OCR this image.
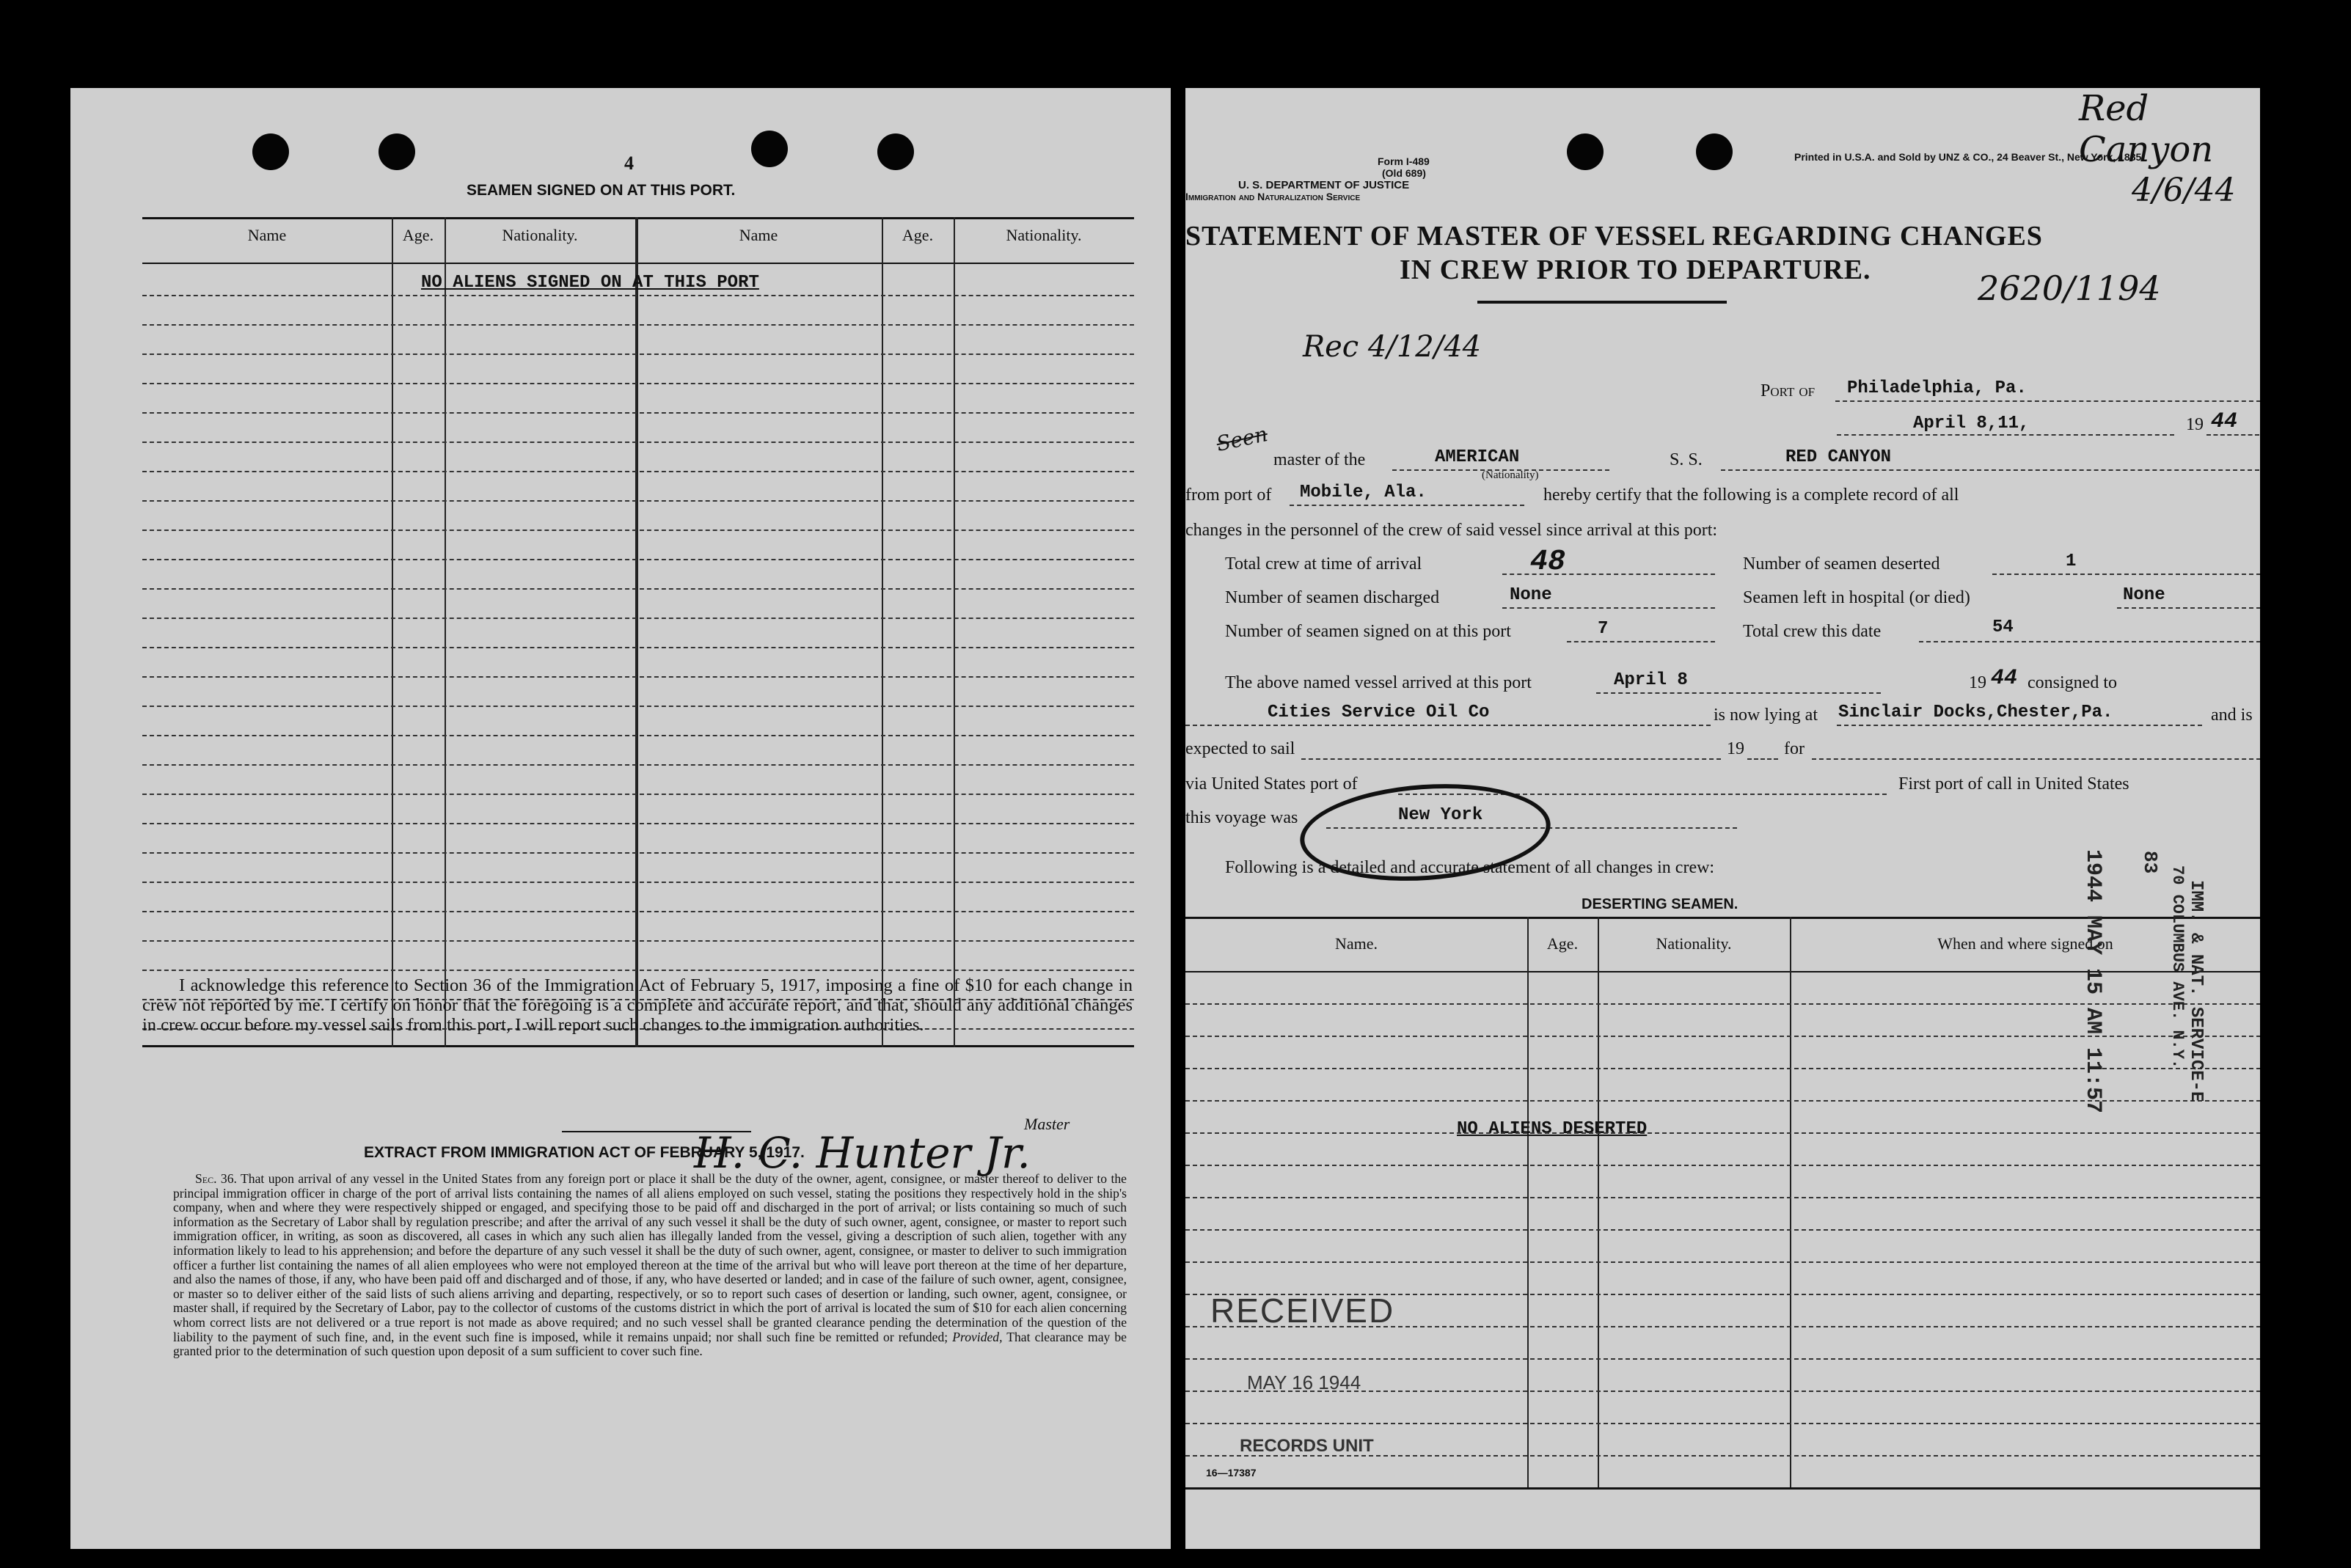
4
SEAMEN SIGNED ON AT THIS PORT.
Name	Age.	Nationality.	Name	Age.	Nationality.
NO ALIENS SIGNED ON AT THIS PORT

I acknowledge this reference to Section 36 of the Immigration Act of February 5, 1917, imposing a fine of $10 for each change in crew not reported by me. I certify on honor that the foregoing is a complete and accurate report, and that, should any additional changes in crew occur before my vessel sails from this port, I will report such changes to the immigration authorities.

H. C. Hunter Jr.
Master
EXTRACT FROM IMMIGRATION ACT OF FEBRUARY 5, 1917.

Sec. 36. That upon arrival of any vessel in the United States from any foreign port or place it shall be the duty of the owner, agent, consignee, or master thereof to deliver to the principal immigration officer in charge of the port of arrival lists containing the names of all aliens employed on such vessel, stating the positions they respectively hold in the ship's company, when and where they were respectively shipped or engaged, and specifying those to be paid off and discharged in the port of arrival; or lists containing so much of such information as the Secretary of Labor shall by regulation prescribe; and after the arrival of any such vessel it shall be the duty of such owner, agent, consignee, or master to report such immigration officer, in writing, as soon as discovered, all cases in which any such alien has illegally landed from the vessel, giving a description of such alien, together with any information likely to lead to his apprehension; and before the departure of any such vessel it shall be the duty of such owner, agent, consignee, or master to deliver to such immigration officer a further list containing the names of all alien employees who were not employed thereon at the time of the arrival but who will leave port thereon at the time of her departure, and also the names of those, if any, who have been paid off and discharged and of those, if any, who have deserted or landed; and in case of the failure of such owner, agent, consignee, or master so to deliver either of the said lists of such aliens arriving and departing, respectively, or so to report such cases of desertion or landing, such owner, agent, consignee, or master shall, if required by the Secretary of Labor, pay to the collector of customs of the customs district in which the port of arrival is located the sum of $10 for each alien concerning whom correct lists are not delivered or a true report is not made as above required; and no such vessel shall be granted clearance pending the determination of the question of the liability to the payment of such fine, and, in the event such fine is imposed, while it remains unpaid; nor shall such fine be remitted or refunded; Provided, That clearance may be granted prior to the determination of such question upon deposit of a sum sufficient to cover such fine.

Form I-489
(Old 689)
U. S. DEPARTMENT OF JUSTICE
Immigration and Naturalization Service
Printed in U.S.A. and Sold by UNZ & CO., 24 Beaver St., New York, 1885
Red Canyon
4/6/44
STATEMENT OF MASTER OF VESSEL REGARDING CHANGES
IN CREW PRIOR TO DEPARTURE.	2620/1194
Rec 4/12/44
Port of Philadelphia, Pa.
April 8,11,	19 44
Seen
master of the	AMERICAN
(Nationality)
S. S.	RED CANYON
from port of Mobile, Ala.	hereby certify that the following is a complete record of all
changes in the personnel of the crew of said vessel since arrival at this port:
Total crew at time of arrival	48	Number of seamen deserted	1
Number of seamen discharged	None	Seamen left in hospital (or died)	None
Number of seamen signed on at this port	7	Total crew this date	54
The above named vessel arrived at this port	April 8	19 44 consigned to
Cities Service Oil Co	is now lying at Sinclair Docks,Chester,Pa.	and is
expected to sail	19 for
via United States port of	First port of call in United States
this voyage was	New York
Following is a detailed and accurate statement of all changes in crew:
DESERTING SEAMEN.
Name.	Age.	Nationality.	When and where signed on
NO ALIENS DESERTED
RECEIVED
MAY 16 1944
RECORDS UNIT
1944 MAY 15 AM 11:57	IMM. & NAT. SERVICE-E
70 COLUMBUS AVE. N.Y.
83
16—17387
